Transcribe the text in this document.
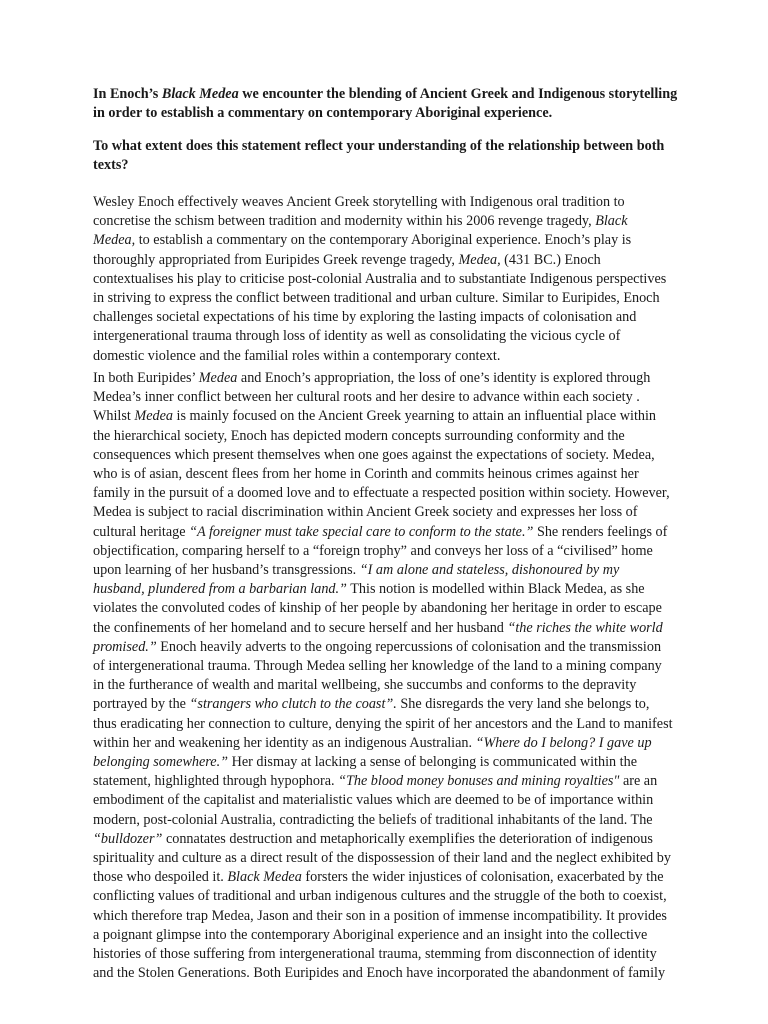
In Enoch’s Black Medea we encounter the blending of Ancient Greek and Indigenous storytelling in order to establish a commentary on contemporary Aboriginal experience.

To what extent does this statement reflect your understanding of the relationship between both texts?

Wesley Enoch effectively weaves Ancient Greek storytelling with Indigenous oral tradition to
concretise the schism between tradition and modernity within his 2006 revenge tragedy, Black
Medea, to establish a commentary on the contemporary Aboriginal experience. Enoch’s play is
thoroughly appropriated from Euripides Greek revenge tragedy, Medea, (431 BC.) Enoch
contextualises his play to criticise post-colonial Australia and to substantiate Indigenous perspectives
in striving to express the conflict between traditional and urban culture. Similar to Euripides, Enoch
challenges societal expectations of his time by exploring the lasting impacts of colonisation and
intergenerational trauma through loss of identity as well as consolidating the vicious cycle of
domestic violence and the familial roles within a contemporary context.

In both Euripides’ Medea and Enoch’s appropriation, the loss of one’s identity is explored through
Medea’s inner conflict between her cultural roots and her desire to advance within each society .
Whilst Medea is mainly focused on the Ancient Greek yearning to attain an influential place within
the hierarchical society, Enoch has depicted modern concepts surrounding conformity and the
consequences which present themselves when one goes against the expectations of society. Medea,
who is of asian, descent flees from her home in Corinth and commits heinous crimes against her
family in the pursuit of a doomed love and to effectuate a respected position within society. However,
Medea is subject to racial discrimination within Ancient Greek society and expresses her loss of
cultural heritage “A foreigner must take special care to conform to the state.” She renders feelings of
objectification, comparing herself to a “foreign trophy” and conveys her loss of a “civilised” home
upon learning of her husband’s transgressions. “I am alone and stateless, dishonoured by my
husband, plundered from a barbarian land.” This notion is modelled within Black Medea, as she
violates the convoluted codes of kinship of her people by abandoning her heritage in order to escape
the confinements of her homeland and to secure herself and her husband “the riches the white world
promised.” Enoch heavily adverts to the ongoing repercussions of colonisation and the transmission
of intergenerational trauma. Through Medea selling her knowledge of the land to a mining company
in the furtherance of wealth and marital wellbeing, she succumbs and conforms to the depravity
portrayed by the “strangers who clutch to the coast”. She disregards the very land she belongs to,
thus eradicating her connection to culture, denying the spirit of her ancestors and the Land to manifest
within her and weakening her identity as an indigenous Australian. “Where do I belong? I gave up
belonging somewhere.” Her dismay at lacking a sense of belonging is communicated within the
statement, highlighted through hypophora. “The blood money bonuses and mining royalties" are an
embodiment of the capitalist and materialistic values which are deemed to be of importance within
modern, post-colonial Australia, contradicting the beliefs of traditional inhabitants of the land. The
“bulldozer” connatates destruction and metaphorically exemplifies the deterioration of indigenous
spirituality and culture as a direct result of the dispossession of their land and the neglect exhibited by
those who despoiled it. Black Medea forsters the wider injustices of colonisation, exacerbated by the
conflicting values of traditional and urban indigenous cultures and the struggle of the both to coexist,
which therefore trap Medea, Jason and their son in a position of immense incompatibility. It provides
a poignant glimpse into the contemporary Aboriginal experience and an insight into the collective
histories of those suffering from intergenerational trauma, stemming from disconnection of identity
and the Stolen Generations. Both Euripides and Enoch have incorporated the abandonment of family
